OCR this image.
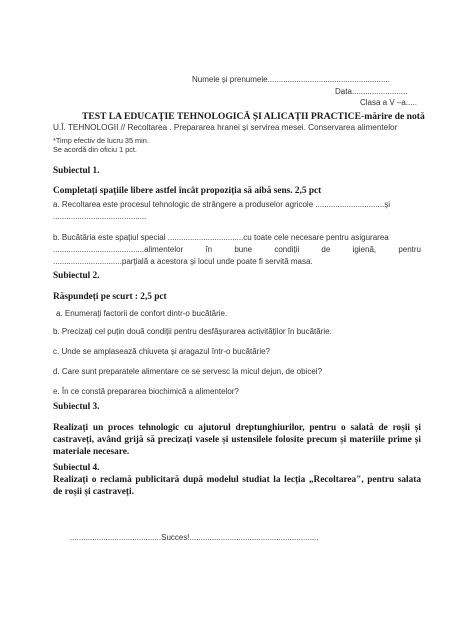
Numele și prenumele.......................................................
Data.........................
Clasa a V –a.....
TEST LA EDUCAȚIE TEHNOLOGICĂ ȘI ALICAȚII PRACTICE-mărire de notă
U.Î. TEHNOLOGII // Recoltarea . Prepararea hranei și servirea mesei. Conservarea alimentelor
*Timp efectiv de lucru 35 min.
Se acordă din oficiu 1 pct.
Subiectul 1.
Completați spațiile libere astfel încât propoziția să aibă sens. 2,5 pct
a. Recoltarea este procesul tehnologic de strângere a produselor agricole ...............................și
..........................................
b. Bucătăria este spațiul special ..................................cu toate cele necesare pentru asigurarea
.........................................alimentelor în bune condiții de igienă, pentru
...............................parțială a acestora și locul unde poate fi servită masa.
Subiectul 2.
Răspundeți pe scurt : 2,5 pct
a. Enumerați factorii de confort dintr-o bucătărie.
b. Precizați cel puțin două condiții pentru desfășurarea activităților în bucătărie.
c. Unde se amplasează chiuveta și aragazul într-o bucătărie?
d. Care sunt preparatele alimentare ce se servesc la micul dejun, de obicei?
e. În ce constă prepararea biochimică a alimentelor?
Subiectul 3.
Realizați un proces tehnologic cu ajutorul dreptunghiurilor, pentru o salată de roșii și
castraveți, având grijă să precizați vasele și ustensilele folosite precum și materiile prime și
materiale necesare.
Subiectul 4.
Realizați o reclamă publicitară după modelul studiat la lecția „Recoltarea", pentru salata
de roșii și castraveți.
.........................................Succes!..........................................................
